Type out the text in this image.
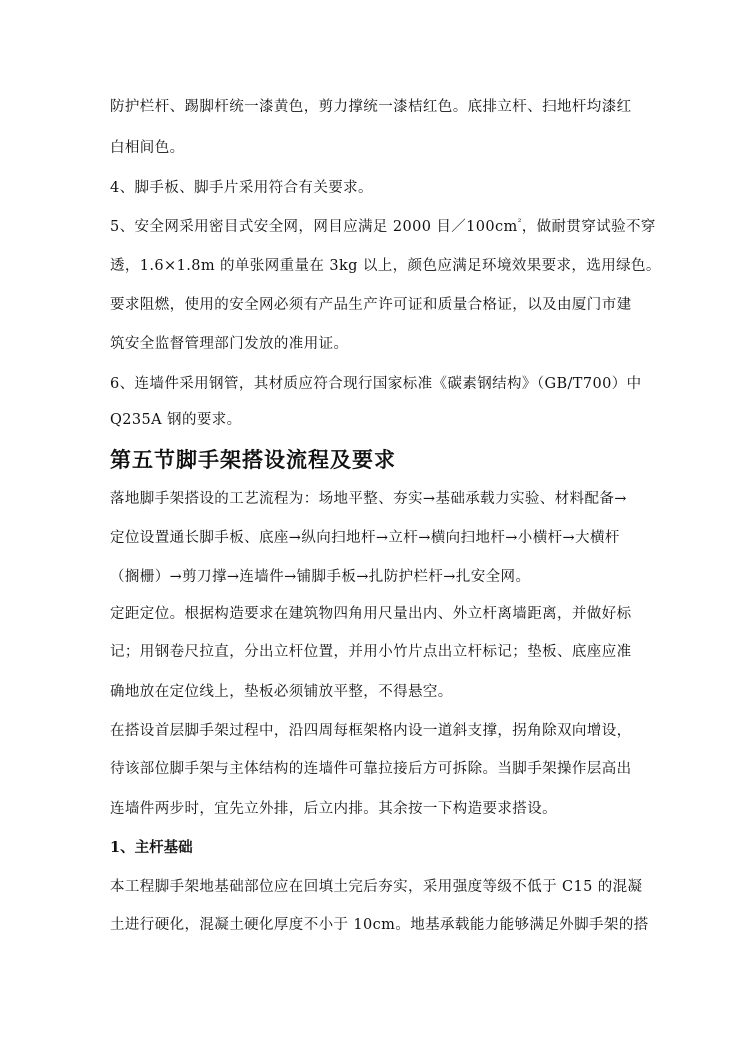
防护栏杆、踢脚杆统一漆黄色，剪力撑统一漆桔红色。底排立杆、扫地杆均漆红
白相间色。
4、脚手板、脚手片采用符合有关要求。
5、安全网采用密目式安全网，网目应满足 2000 目$/100cm^{^2}$，做耐贯穿试验不穿
透，1.6×1.8m 的单张网重量在 3kg 以上，颜色应满足环境效果要求，选用绿色。
要求阻燃，使用的安全网必须有产品生产许可证和质量合格证，以及由厦门市建
筑安全监督管理部门发放的准用证。
6、连墙件采用钢管，其材质应符合现行国家标准《碳素钢结构》（GB/T700）中
Q235A 钢的要求。
第五节脚手架搭设流程及要求
落地脚手架搭设的工艺流程为：场地平整、夯实→基础承载力实验、材料配备→
定位设置通长脚手板、底座→纵向扫地杆→立杆→横向扫地杆→小横杆→大横杆
（搁栅）→剪刀撑→连墙件→铺脚手板→扎防护栏杆→扎安全网。
定距定位。根据构造要求在建筑物四角用尺量出内、外立杆离墙距离，并做好标
记；用钢卷尺拉直，分出立杆位置，并用小竹片点出立杆标记；垫板、底座应准
确地放在定位线上，垫板必须铺放平整，不得悬空。
在搭设首层脚手架过程中，沿四周每框架格内设一道斜支撑，拐角除双向增设，
待该部位脚手架与主体结构的连墙件可靠拉接后方可拆除。当脚手架操作层高出
连墙件两步时，宜先立外排，后立内排。其余按一下构造要求搭设。
1、主杆基础
本工程脚手架地基础部位应在回填土完后夯实，采用强度等级不低于 C15 的混凝
土进行硬化，混凝土硬化厚度不小于 10cm。地基承载能力能够满足外脚手架的搭
